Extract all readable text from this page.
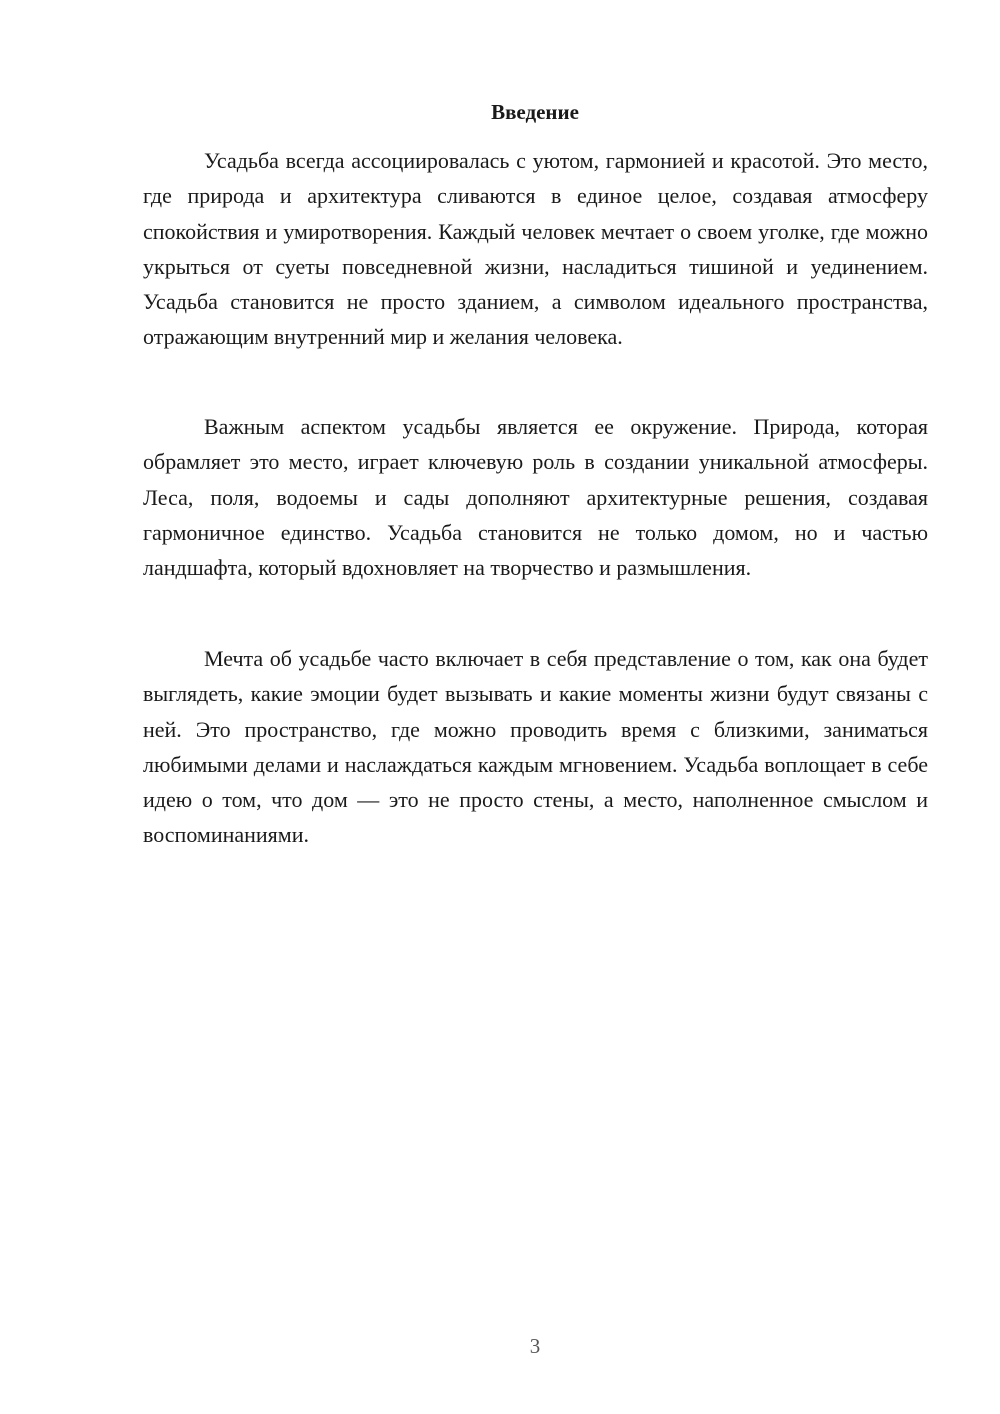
Введение

Усадьба всегда ассоциировалась с уютом, гармонией и красотой. Это место, где природа и архитектура сливаются в единое целое, создавая атмосферу спокойствия и умиротворения. Каждый человек мечтает о своем уголке, где можно укрыться от суеты повседневной жизни, насладиться тишиной и уединением. Усадьба становится не просто зданием, а символом идеального пространства, отражающим внутренний мир и желания человека.

Важным аспектом усадьбы является ее окружение. Природа, которая обрамляет это место, играет ключевую роль в создании уникальной атмосферы. Леса, поля, водоемы и сады дополняют архитектурные решения, создавая гармоничное единство. Усадьба становится не только домом, но и частью ландшафта, который вдохновляет на творчество и размышления.

Мечта об усадьбе часто включает в себя представление о том, как она будет выглядеть, какие эмоции будет вызывать и какие моменты жизни будут связаны с ней. Это пространство, где можно проводить время с близкими, заниматься любимыми делами и наслаждаться каждым мгновением. Усадьба воплощает в себе идею о том, что дом — это не просто стены, а место, наполненное смыслом и воспоминаниями.

3
